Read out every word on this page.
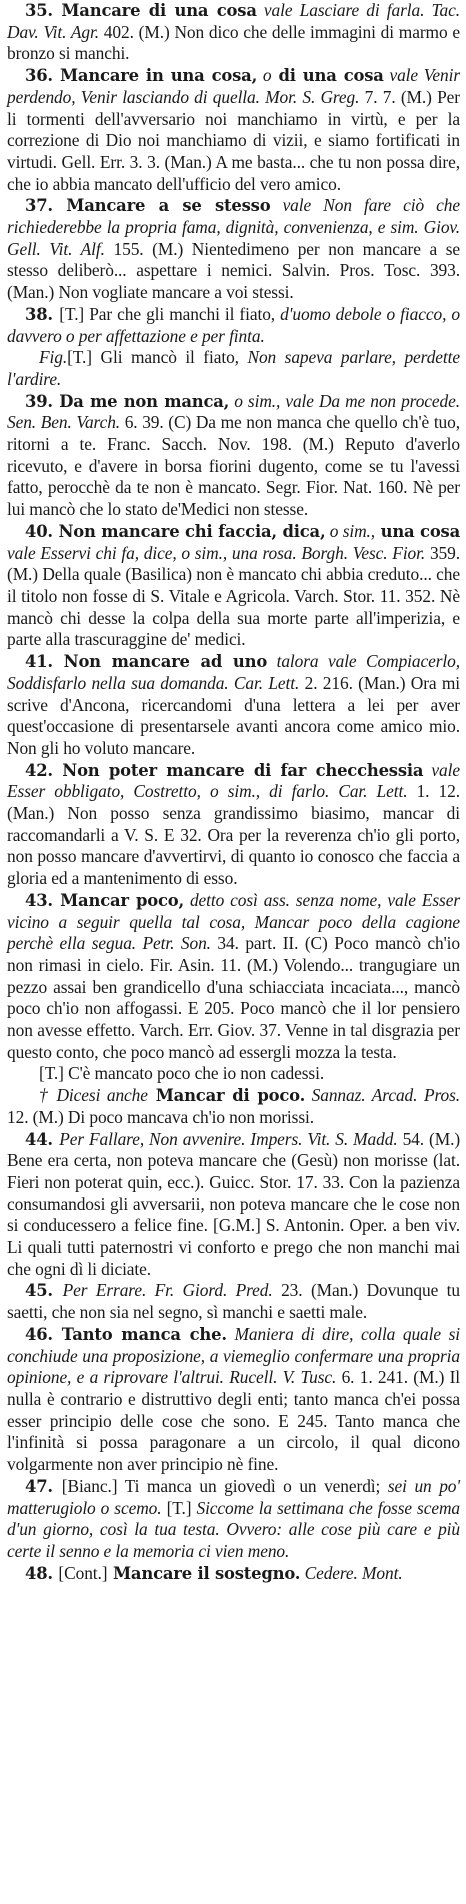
35. Mancare di una cosa vale Lasciare di farla. Tac. Dav. Vit. Agr. 402. (M.) Non dico che delle immagini di marmo e bronzo si manchi.

36. Mancare in una cosa, o di una cosa vale Venir perdendo, Venir lasciando di quella. Mor. S. Greg. 7. 7. (M.) Per li tormenti dell'avversario noi manchiamo in virtù, e per la correzione di Dio noi manchiamo di vizii, e siamo fortificati in virtudi. Gell. Err. 3. 3. (Man.) A me basta... che tu non possa dire, che io abbia mancato dell'ufficio del vero amico.

37. Mancare a se stesso vale Non fare ciò che richiederebbe la propria fama, dignità, convenienza, e sim. Giov. Gell. Vit. Alf. 155. (M.) Nientedimeno per non mancare a se stesso deliberò... aspettare i nemici. Salvin. Pros. Tosc. 393. (Man.) Non vogliate mancare a voi stessi.

38. [T.] Par che gli manchi il fiato, d'uomo debole o fiacco, o davvero o per affettazione e per finta.

Fig.[T.] Gli mancò il fiato, Non sapeva parlare, perdette l'ardire.

39. Da me non manca, o sim., vale Da me non procede. Sen. Ben. Varch. 6. 39. (C) Da me non manca che quello ch'è tuo, ritorni a te. Franc. Sacch. Nov. 198. (M.) Reputo d'averlo ricevuto, e d'avere in borsa fiorini dugento, come se tu l'avessi fatto, perocchè da te non è mancato. Segr. Fior. Nat. 160. Nè per lui mancò che lo stato de'Medici non stesse.

40. Non mancare chi faccia, dica, o sim., una cosa vale Esservi chi fa, dice, o sim., una rosa. Borgh. Vesc. Fior. 359. (M.) Della quale (Basilica) non è mancato chi abbia creduto... che il titolo non fosse di S. Vitale e Agricola. Varch. Stor. 11. 352. Nè mancò chi desse la colpa della sua morte parte all'imperizia, e parte alla trascuraggine de' medici.

41. Non mancare ad uno talora vale Compiacerlo, Soddisfarlo nella sua domanda. Car. Lett. 2. 216. (Man.) Ora mi scrive d'Ancona, ricercandomi d'una lettera a lei per aver quest'occasione di presentarsele avanti ancora come amico mio. Non gli ho voluto mancare.

42. Non poter mancare di far checchessia vale Esser obbligato, Costretto, o sim., di farlo. Car. Lett. 1. 12. (Man.) Non posso senza grandissimo biasimo, mancar di raccomandarli a V. S. E 32. Ora per la reverenza ch'io gli porto, non posso mancare d'avvertirvi, di quanto io conosco che faccia a gloria ed a mantenimento di esso.

43. Mancar poco, detto così ass. senza nome, vale Esser vicino a seguir quella tal cosa, Mancar poco della cagione perchè ella segua. Petr. Son. 34. part. II. (C) Poco mancò ch'io non rimasi in cielo. Fir. Asin. 11. (M.) Volendo... trangugiare un pezzo assai ben grandicello d'una schiacciata incaciata..., mancò poco ch'io non affogassi. E 205. Poco mancò che il lor pensiero non avesse effetto. Varch. Err. Giov. 37. Venne in tal disgrazia per questo conto, che poco mancò ad essergli mozza la testa.

[T.] C'è mancato poco che io non cadessi.

† Dicesi anche Mancar di poco. Sannaz. Arcad. Pros. 12. (M.) Di poco mancava ch'io non morissi.

44. Per Fallare, Non avvenire. Impers. Vit. S. Madd. 54. (M.) Bene era certa, non poteva mancare che (Gesù) non morisse (lat. Fieri non poterat quin, ecc.). Guicc. Stor. 17. 33. Con la pazienza consumandosi gli avversarii, non poteva mancare che le cose non si conducessero a felice fine. [G.M.] S. Antonin. Oper. a ben viv. Li quali tutti paternostri vi conforto e prego che non manchi mai che ogni dì li diciate.

45. Per Errare. Fr. Giord. Pred. 23. (Man.) Dovunque tu saetti, che non sia nel segno, sì manchi e saetti male.

46. Tanto manca che. Maniera di dire, colla quale si conchiude una proposizione, a viemeglio confermare una propria opinione, e a riprovare l'altrui. Rucell. V. Tusc. 6. 1. 241. (M.) Il nulla è contrario e distruttivo degli enti; tanto manca ch'ei possa esser principio delle cose che sono. E 245. Tanto manca che l'infinità si possa paragonare a un circolo, il qual dicono volgarmente non aver principio nè fine.

47. [Bianc.] Ti manca un giovedì o un venerdì; sei un po' matterugiolo o scemo. [T.] Siccome la settimana che fosse scema d'un giorno, così la tua testa. Ovvero: alle cose più care e più certe il senno e la memoria ci vien meno.

48. [Cont.] Mancare il sostegno. Cedere. Mont.
